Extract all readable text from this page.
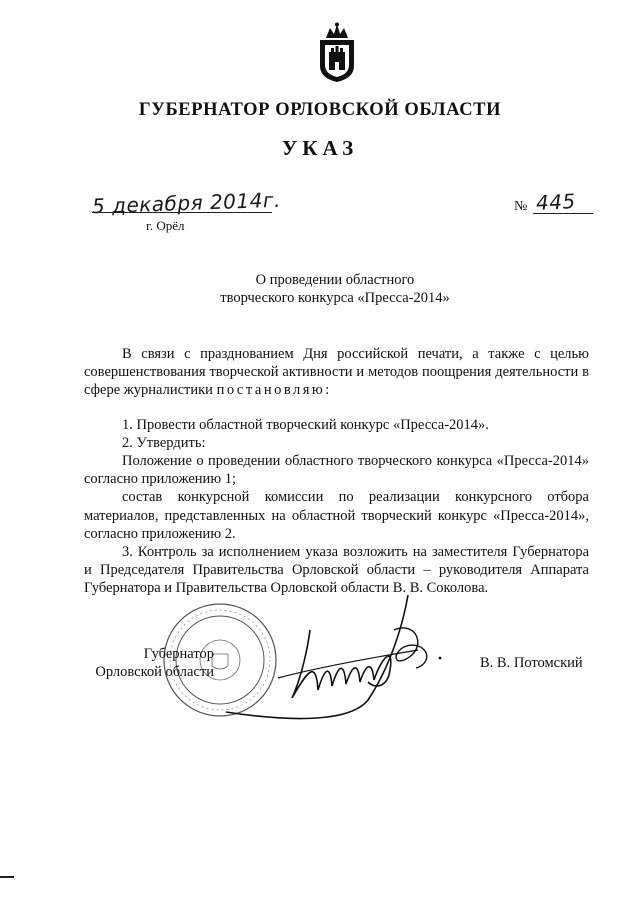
ГУБЕРНАТОР ОРЛОВСКОЙ ОБЛАСТИ
УКАЗ
5 декабря 2014г.
г. Орёл
№ 445
О проведении областного
творческого конкурса «Пресса-2014»

В связи с празднованием Дня российской печати, а также с целью совершенствования творческой активности и методов поощрения деятельности в сфере журналистики постановляю:

1. Провести областной творческий конкурс «Пресса-2014».

2. Утвердить:

Положение о проведении областного творческого конкурса «Пресса-2014» согласно приложению 1;

состав конкурсной комиссии по реализации конкурсного отбора материалов, представленных на областной творческий конкурс «Пресса-2014», согласно приложению 2.

3. Контроль за исполнением указа возложить на заместителя Губернатора и Председателя Правительства Орловской области – руководителя Аппарата Губернатора и Правительства Орловской области В. В. Соколова.

Губернатор
Орловской области
В. В. Потомский
